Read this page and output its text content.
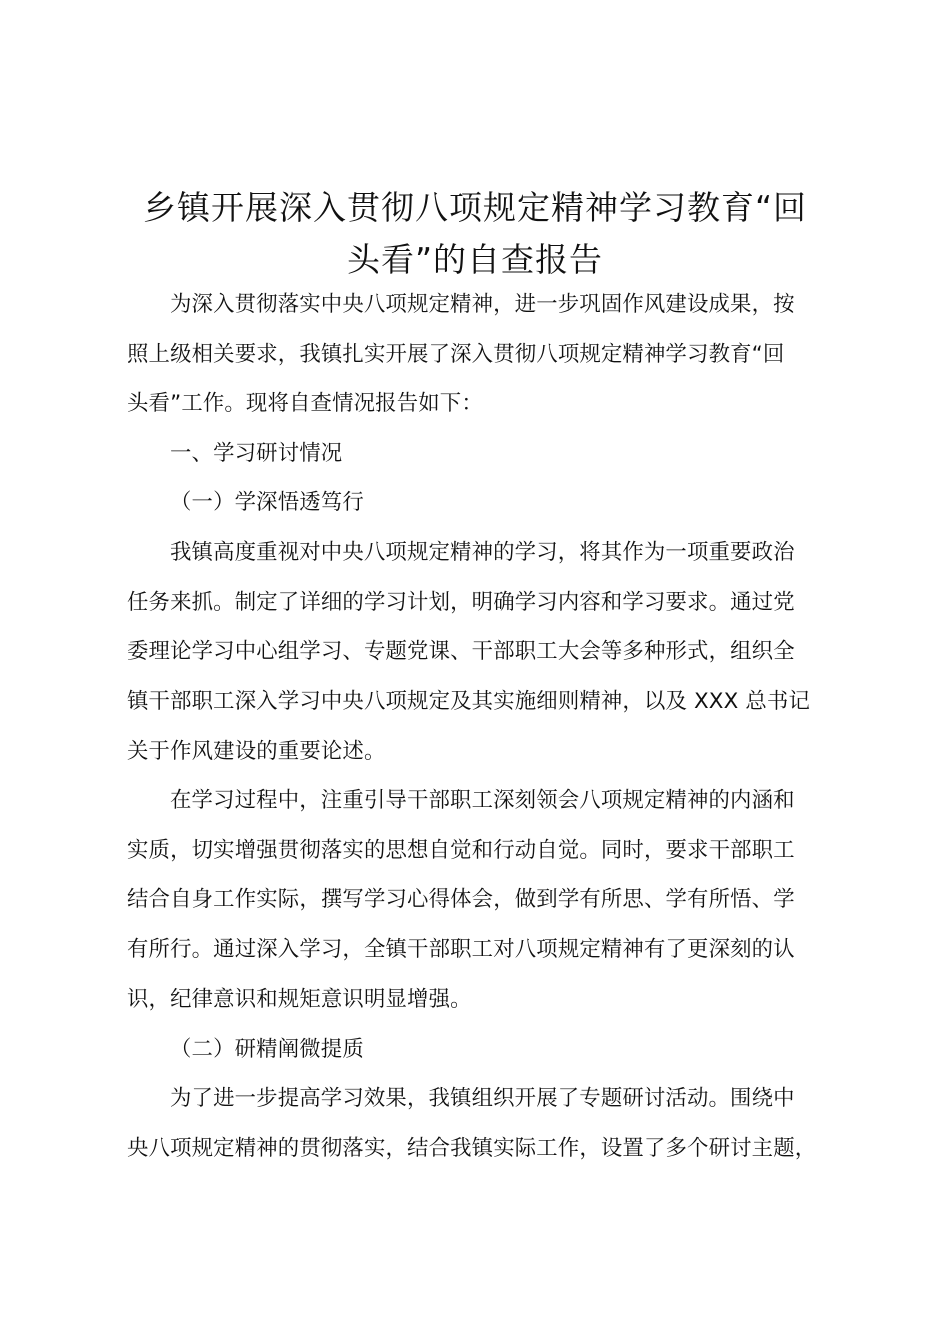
乡镇开展深入贯彻八项规定精神学习教育“回
头看”的自查报告
为深入贯彻落实中央八项规定精神，进一步巩固作风建设成果，按
照上级相关要求，我镇扎实开展了深入贯彻八项规定精神学习教育“回
头看”工作。现将自查情况报告如下：
一、学习研讨情况
（一）学深悟透笃行
我镇高度重视对中央八项规定精神的学习，将其作为一项重要政治
任务来抓。制定了详细的学习计划，明确学习内容和学习要求。通过党
委理论学习中心组学习、专题党课、干部职工大会等多种形式，组织全
镇干部职工深入学习中央八项规定及其实施细则精神，以及 XXX 总书记
关于作风建设的重要论述。
在学习过程中，注重引导干部职工深刻领会八项规定精神的内涵和
实质，切实增强贯彻落实的思想自觉和行动自觉。同时，要求干部职工
结合自身工作实际，撰写学习心得体会，做到学有所思、学有所悟、学
有所行。通过深入学习，全镇干部职工对八项规定精神有了更深刻的认
识，纪律意识和规矩意识明显增强。
（二）研精阐微提质
为了进一步提高学习效果，我镇组织开展了专题研讨活动。围绕中
央八项规定精神的贯彻落实，结合我镇实际工作，设置了多个研讨主题，
